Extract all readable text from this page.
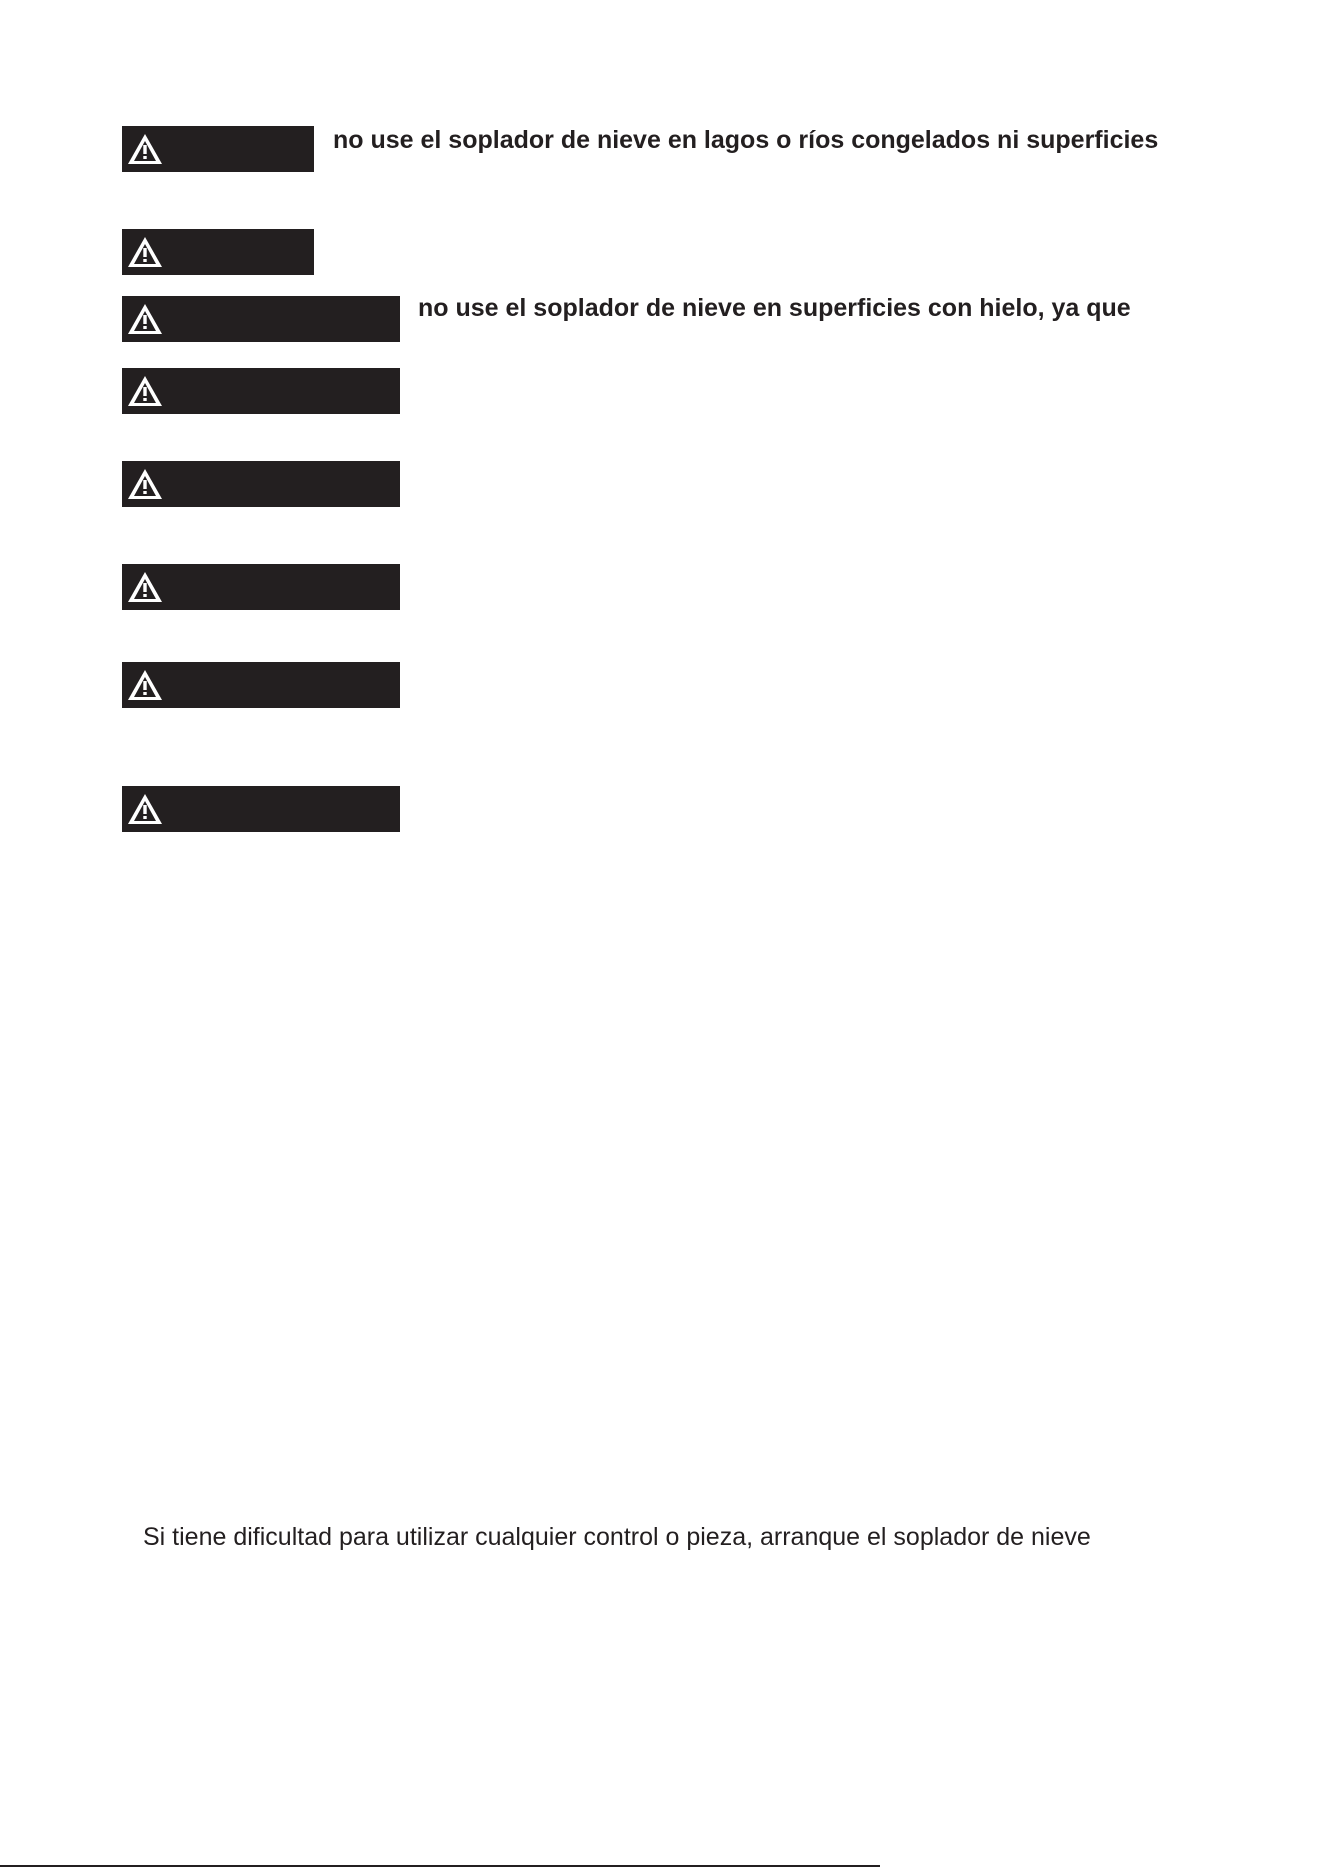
no use el soplador de nieve en lagos o ríos congelados ni superficies
no use el soplador de nieve en superficies con hielo, ya que
Si tiene dificultad para utilizar cualquier control o pieza, arranque el soplador de nieve
